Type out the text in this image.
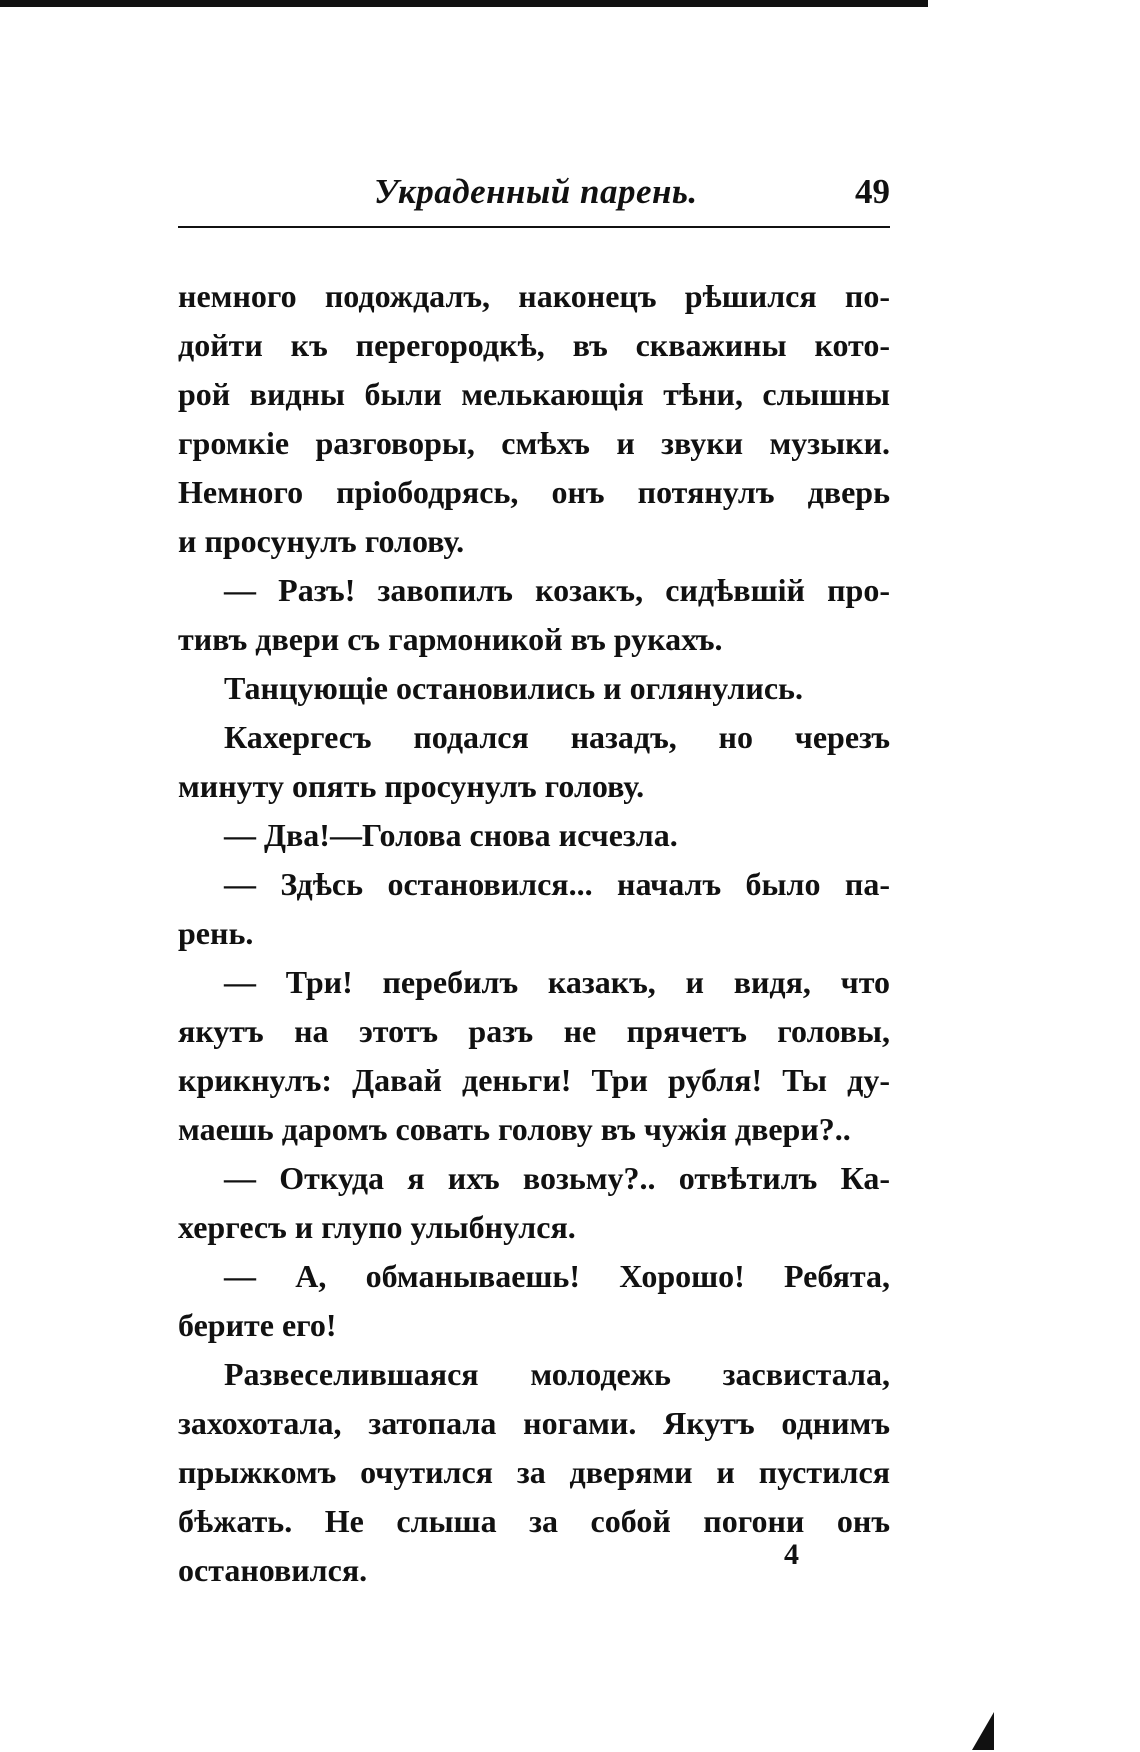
Украденный парень.	49
немного подождалъ, наконецъ рѣшился по-
дойти къ перегородкѣ, въ скважины кото-
рой видны были мелькающія тѣни, слышны
громкіе разговоры, смѣхъ и звуки музыки.
Немного пріободрясь, онъ потянулъ дверь
и просунулъ голову.
— Разъ! завопилъ козакъ, сидѣвшій про-
тивъ двери съ гармоникой въ рукахъ.
Танцующіе остановились и оглянулись.
Кахергесъ подался назадъ, но черезъ
минуту опять просунулъ голову.
— Два!—Голова снова исчезла.
— Здѣсь остановился... началъ было па-
рень.
— Три! перебилъ казакъ, и видя, что
якутъ на этотъ разъ не прячетъ головы,
крикнулъ: Давай деньги! Три рубля! Ты ду-
маешь даромъ совать голову въ чужія двери?..
— Откуда я ихъ возьму?.. отвѣтилъ Ка-
хергесъ и глупо улыбнулся.
— А, обманываешь! Хорошо! Ребята,
берите его!
Развеселившаяся молодежь засвистала,
захохотала, затопала ногами. Якутъ однимъ
прыжкомъ очутился за дверями и пустился
бѣжать. Не слыша за собой погони онъ
остановился.	4
